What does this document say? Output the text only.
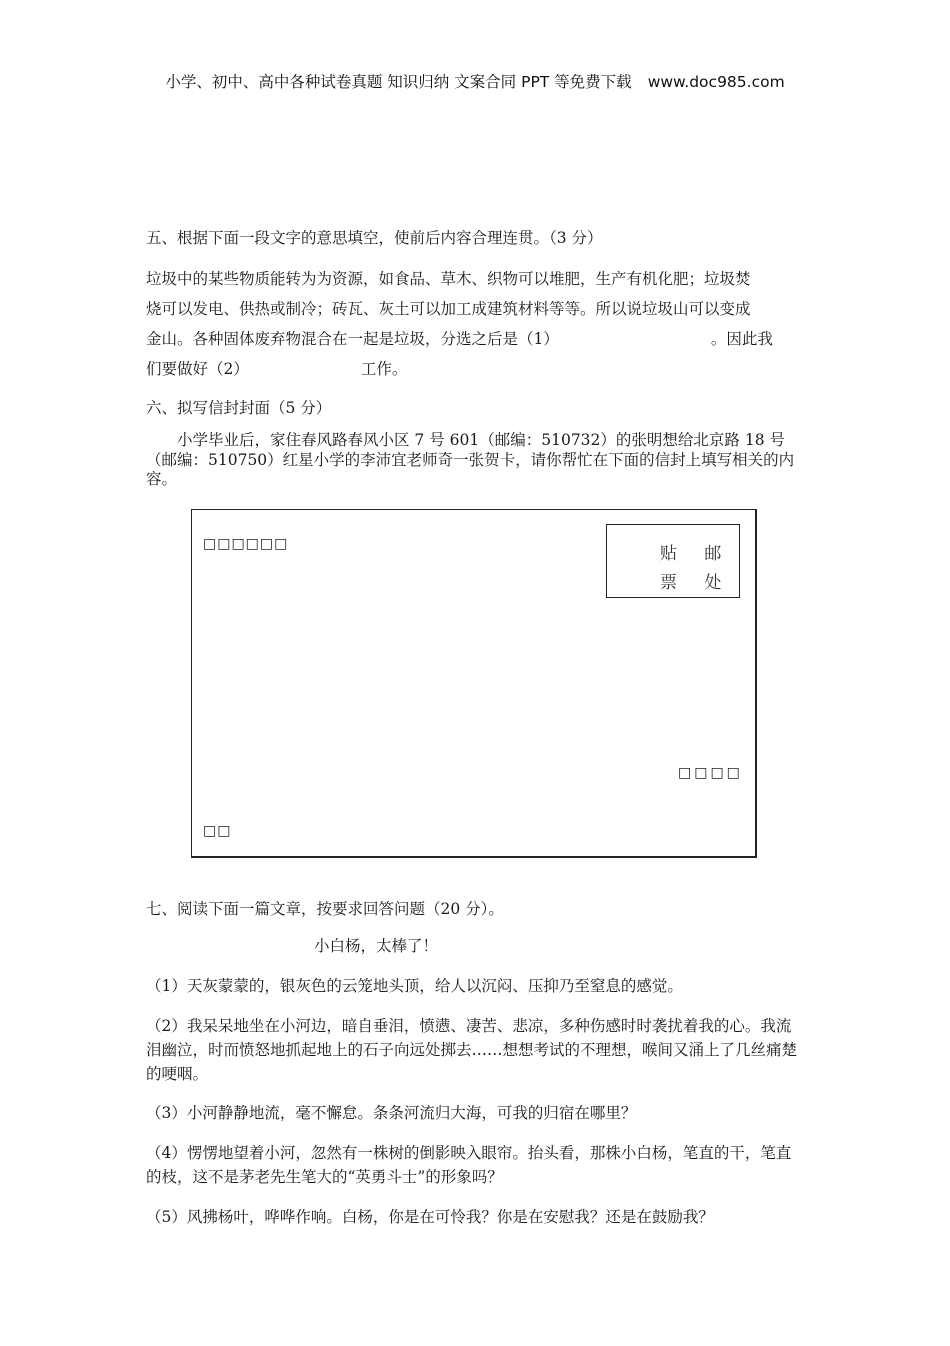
小学、初中、高中各种试卷真题 知识归纳 文案合同 PPT 等免费下载 www.doc985.com
五、根据下面一段文字的意思填空，使前后内容合理连贯。（3 分）
垃圾中的某些物质能转为为资源，如食品、草木、织物可以堆肥，生产有机化肥；垃圾焚
烧可以发电、供热或制冷；砖瓦、灰土可以加工成建筑材料等等。所以说垃圾山可以变成
金山。各种固体废弃物混合在一起是垃圾，分选之后是（1）	。因此我
们要做好（2）	工作。
六、拟写信封封面（5 分）
小学毕业后，家住春风路春风小区 7 号 601（邮编：510732）的张明想给北京路 18 号（邮编：510750）红星小学的李沛宜老师奇一张贺卡，请你帮忙在下面的信封上填写相关的内容。
□□□□□□	贴 邮
票 处
□□□□
□□
七、阅读下面一篇文章，按要求回答问题（20 分）。
小白杨，太棒了！
（1）天灰蒙蒙的，银灰色的云笼地头顶，给人以沉闷、压抑乃至窒息的感觉。
（2）我呆呆地坐在小河边，暗自垂泪，愤懑、凄苦、悲凉，多种伤感时时袭扰着我的心。我流泪幽泣，时而愤怒地抓起地上的石子向远处掷去……想想考试的不理想，喉间又涌上了几丝痛楚的哽咽。
（3）小河静静地流，毫不懈怠。条条河流归大海，可我的归宿在哪里？
（4）愣愣地望着小河，忽然有一株树的倒影映入眼帘。抬头看，那株小白杨，笔直的干，笔直的枝，这不是茅老先生笔大的“英勇斗士”的形象吗？
（5）风拂杨叶，哗哗作响。白杨，你是在可怜我？你是在安慰我？还是在鼓励我？
